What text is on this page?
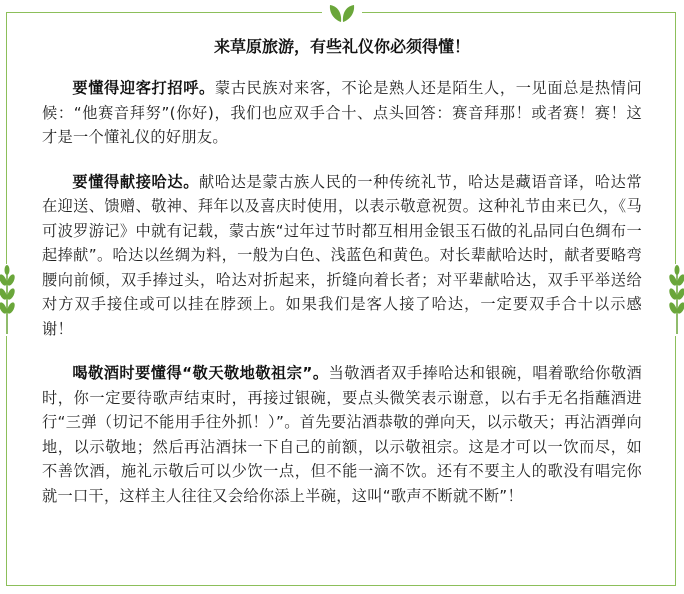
来草原旅游，有些礼仪你必须得懂！

要懂得迎客打招呼。蒙古民族对来客，不论是熟人还是陌生人，一见面总是热情问候：“他赛音拜努”(你好)，我们也应双手合十、点头回答：赛音拜那！或者赛！赛！这才是一个懂礼仪的好朋友。

要懂得献接哈达。献哈达是蒙古族人民的一种传统礼节，哈达是藏语音译，哈达常在迎送、馈赠、敬神、拜年以及喜庆时使用，以表示敬意祝贺。这种礼节由来已久，《马可波罗游记》中就有记载，蒙古族“过年过节时都互相用金银玉石做的礼品同白色绸布一起捧献”。哈达以丝绸为料，一般为白色、浅蓝色和黄色。对长辈献哈达时，献者要略弯腰向前倾，双手捧过头，哈达对折起来，折缝向着长者；对平辈献哈达，双手平举送给对方双手接住或可以挂在脖颈上。如果我们是客人接了哈达，一定要双手合十以示感谢！

喝敬酒时要懂得“敬天敬地敬祖宗”。当敬酒者双手捧哈达和银碗，唱着歌给你敬酒时，你一定要待歌声结束时，再接过银碗，要点头微笑表示谢意，以右手无名指蘸酒进行“三弹（切记不能用手往外抓！）”。首先要沾酒恭敬的弹向天，以示敬天；再沾酒弹向地，以示敬地；然后再沾酒抹一下自己的前额，以示敬祖宗。这是才可以一饮而尽，如不善饮酒，施礼示敬后可以少饮一点，但不能一滴不饮。还有不要主人的歌没有唱完你就一口干，这样主人往往又会给你添上半碗，这叫“歌声不断就不断”！
